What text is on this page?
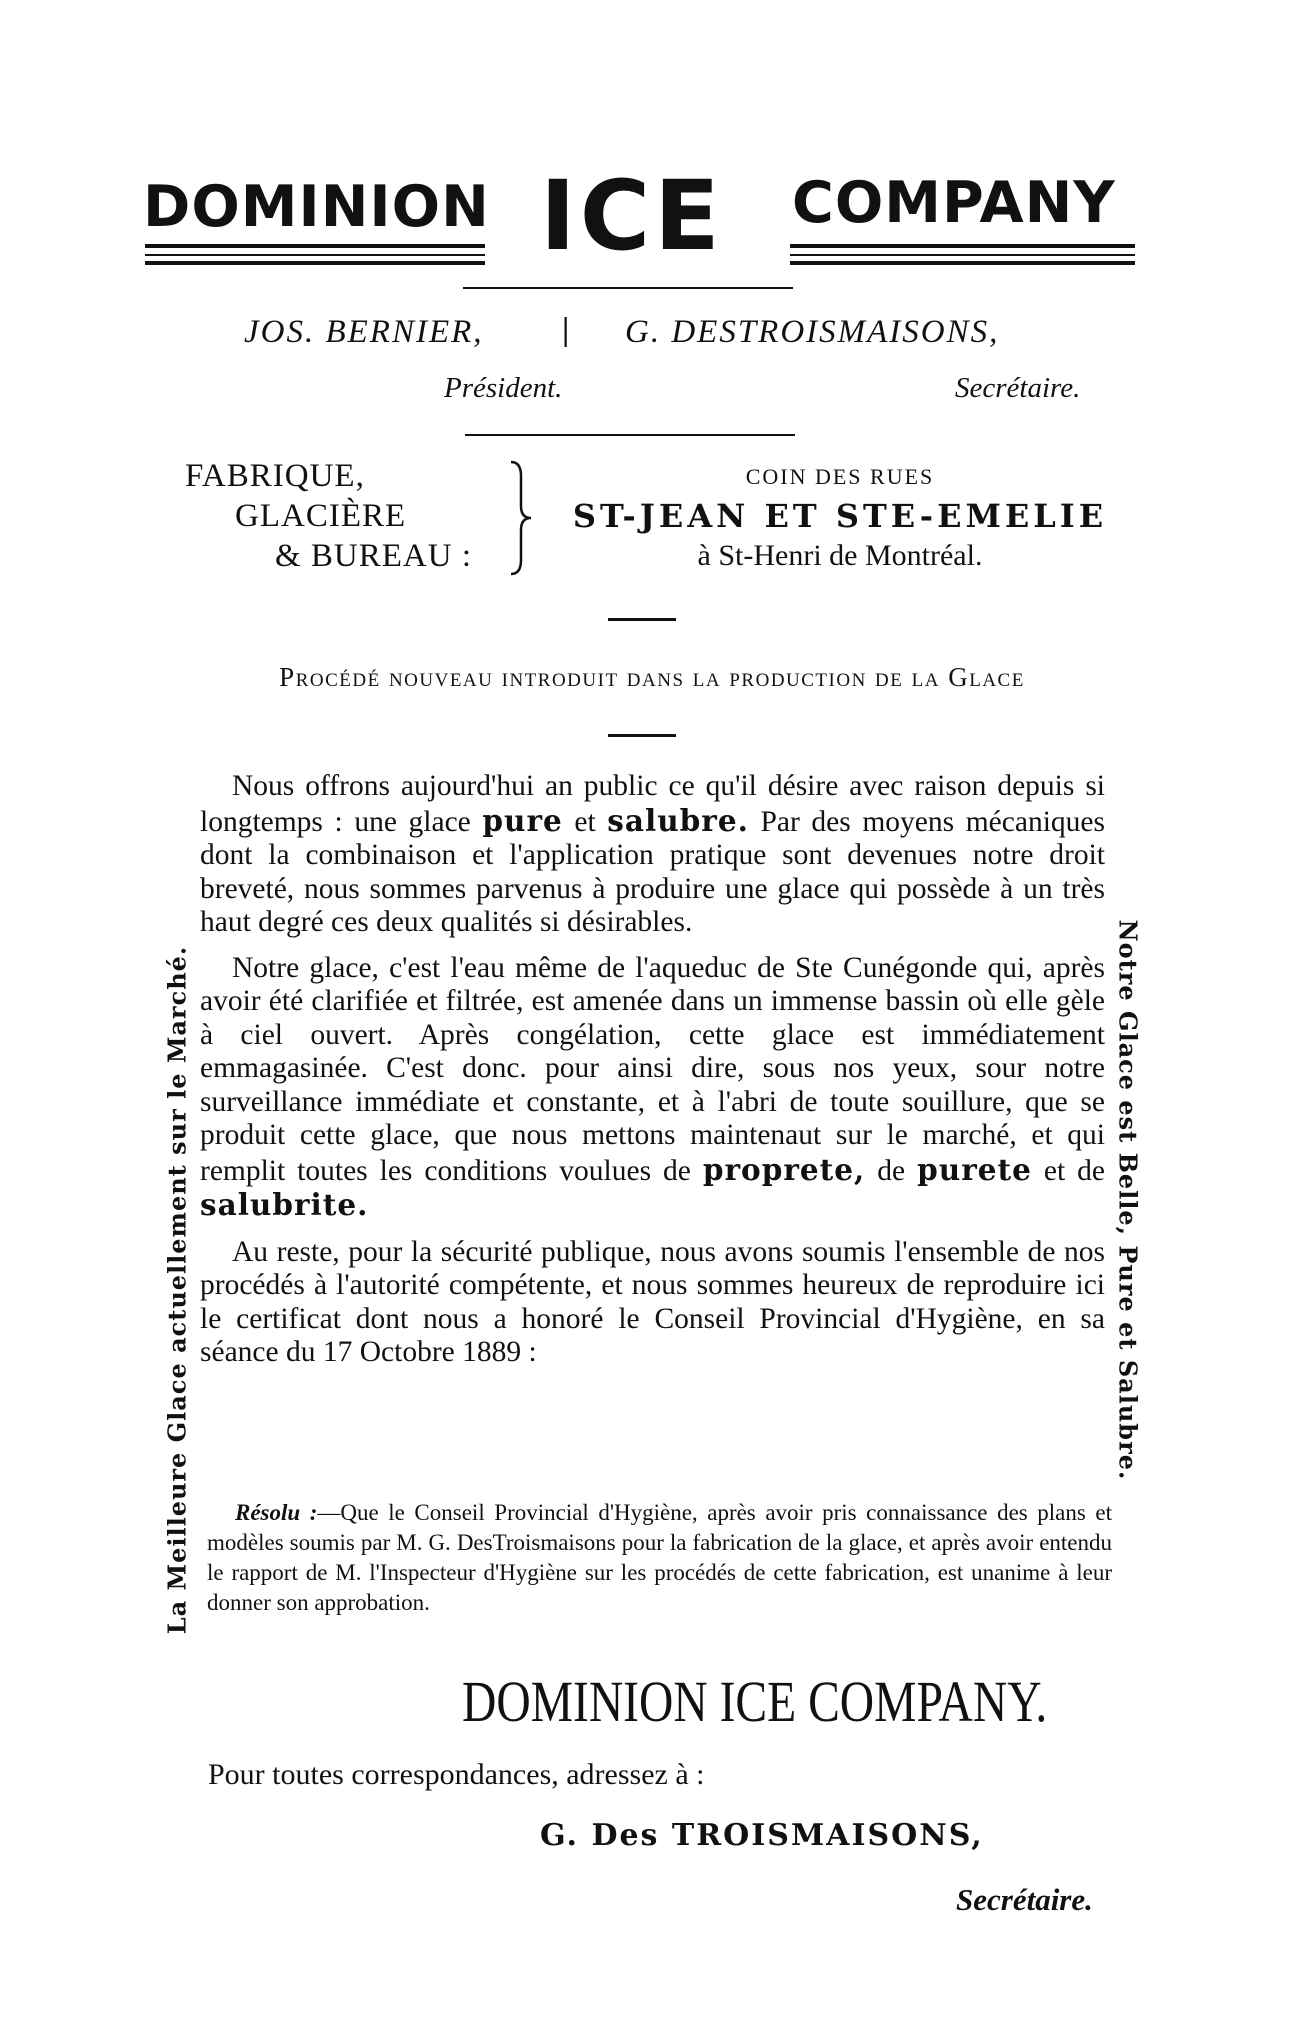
DOMINION ICE COMPANY
JOS. BERNIER, | G. DESTROISMAISONS,
Président.	Secrétaire.
FABRIQUE,
GLACIÈRE
& BUREAU :
COIN DES RUES
ST-JEAN ET STE-EMELIE
à St-Henri de Montréal.
Procédé nouveau introduit dans la production de la Glace

Nous offrons aujourd'hui an public ce qu'il désire avec raison depuis si longtemps : une glace pure et salubre. Par des moyens mécaniques dont la combinaison et l'application pratique sont devenues notre droit breveté, nous sommes parvenus à produire une glace qui possède à un très haut degré ces deux qualités si désirables.

Notre glace, c'est l'eau même de l'aqueduc de Ste Cunégonde qui, après avoir été clarifiée et filtrée, est amenée dans un immense bassin où elle gèle à ciel ouvert. Après congélation, cette glace est immédiatement emmagasinée. C'est donc. pour ainsi dire, sous nos yeux, sour notre surveillance immédiate et constante, et à l'abri de toute souillure, que se produit cette glace, que nous mettons maintenaut sur le marché, et qui remplit toutes les conditions voulues de proprete, de purete et de salubrite.

Au reste, pour la sécurité publique, nous avons soumis l'ensemble de nos procédés à l'autorité compétente, et nous sommes heureux de reproduire ici le certificat dont nous a honoré le Conseil Provincial d'Hygiène, en sa séance du 17 Octobre 1889 :

Résolu :—Que le Conseil Provincial d'Hygiène, après avoir pris connaissance des plans et modèles soumis par M. G. DesTroismaisons pour la fabrication de la glace, et après avoir entendu le rapport de M. l'Inspecteur d'Hygiène sur les procédés de cette fabrication, est unanime à leur donner son approbation.
La Meilleure Glace actuellement sur le Marché.	Notre Glace est Belle, Pure et Salubre.
DOMINION ICE COMPANY.
Pour toutes correspondances, adressez à :
G. Des TROISMAISONS,
Secrétaire.
